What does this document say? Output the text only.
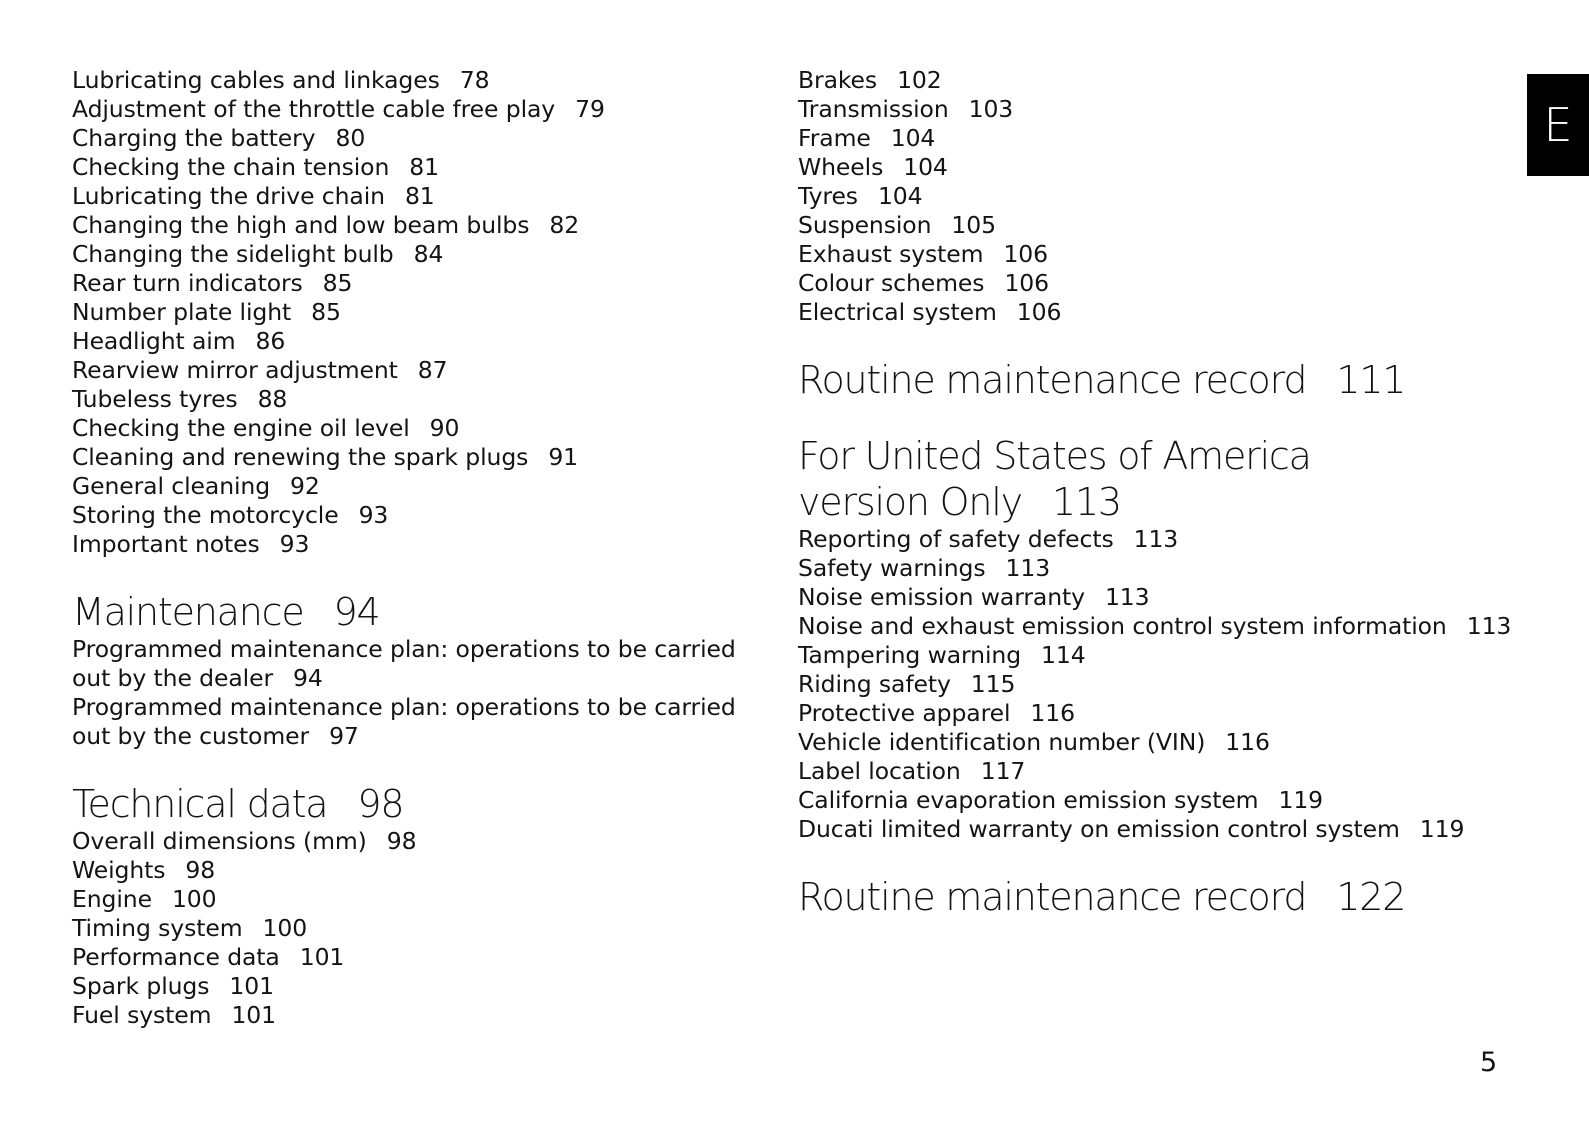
Lubricating cables and linkages 78
Adjustment of the throttle cable free play 79
Charging the battery 80
Checking the chain tension 81
Lubricating the drive chain 81
Changing the high and low beam bulbs 82
Changing the sidelight bulb 84
Rear turn indicators 85
Number plate light 85
Headlight aim 86
Rearview mirror adjustment 87
Tubeless tyres 88
Checking the engine oil level 90
Cleaning and renewing the spark plugs 91
General cleaning 92
Storing the motorcycle 93
Important notes 93
Maintenance 94
Programmed maintenance plan: operations to be carried out by the dealer 94
Programmed maintenance plan: operations to be carried out by the customer 97
Technical data 98
Overall dimensions (mm) 98
Weights 98
Engine 100
Timing system 100
Performance data 101
Spark plugs 101
Fuel system 101
Brakes 102
Transmission 103
Frame 104
Wheels 104
Tyres 104
Suspension 105
Exhaust system 106
Colour schemes 106
Electrical system 106
Routine maintenance record 111
For United States of America
version Only 113
Reporting of safety defects 113
Safety warnings 113
Noise emission warranty 113
Noise and exhaust emission control system information 113
Tampering warning 114
Riding safety 115
Protective apparel 116
Vehicle identification number (VIN) 116
Label location 117
California evaporation emission system 119
Ducati limited warranty on emission control system 119
Routine maintenance record 122
E
5
